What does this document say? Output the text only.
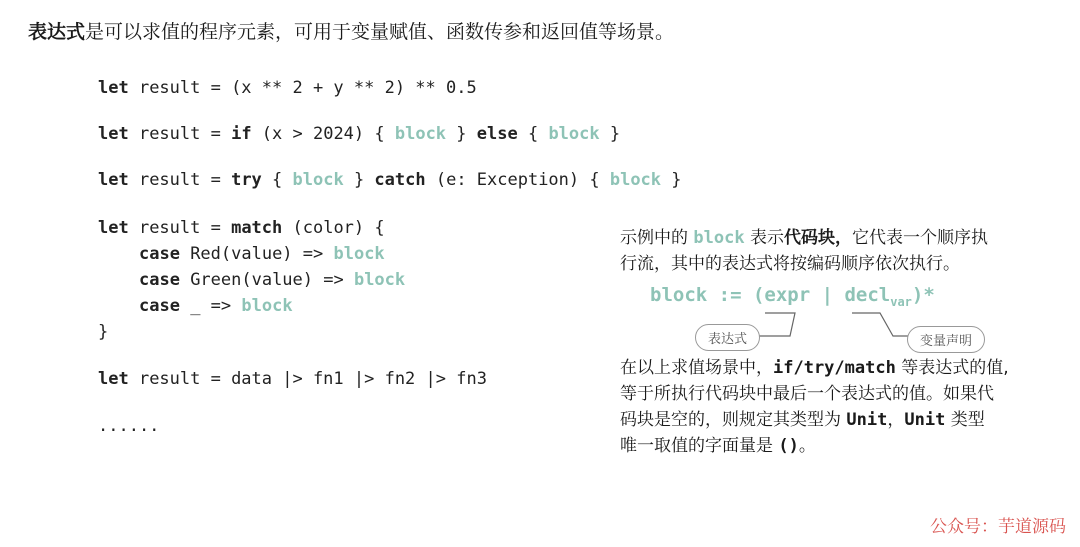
表达式是可以求值的程序元素，可用于变量赋值、函数传参和返回值等场景。
let result = (x ** 2 + y ** 2) ** 0.5
let result = if (x > 2024) { block } else { block }
let result = try { block } catch (e: Exception) { block }
let result = match (color) {
case Red(value) => block
case Green(value) => block
case _ => block
}
let result = data |> fn1 |> fn2 |> fn3
......
示例中的 block 表示代码块，它代表一个顺序执
行流，其中的表达式将按编码顺序依次执行。
block := (expr | decl$_{var}$)*
表达式	变量声明
在以上求值场景中，if/try/match 等表达式的值,
等于所执行代码块中最后一个表达式的值。如果代
码块是空的，则规定其类型为 Unit，Unit 类型
唯一取值的字面量是 ()。
公众号：芋道源码
